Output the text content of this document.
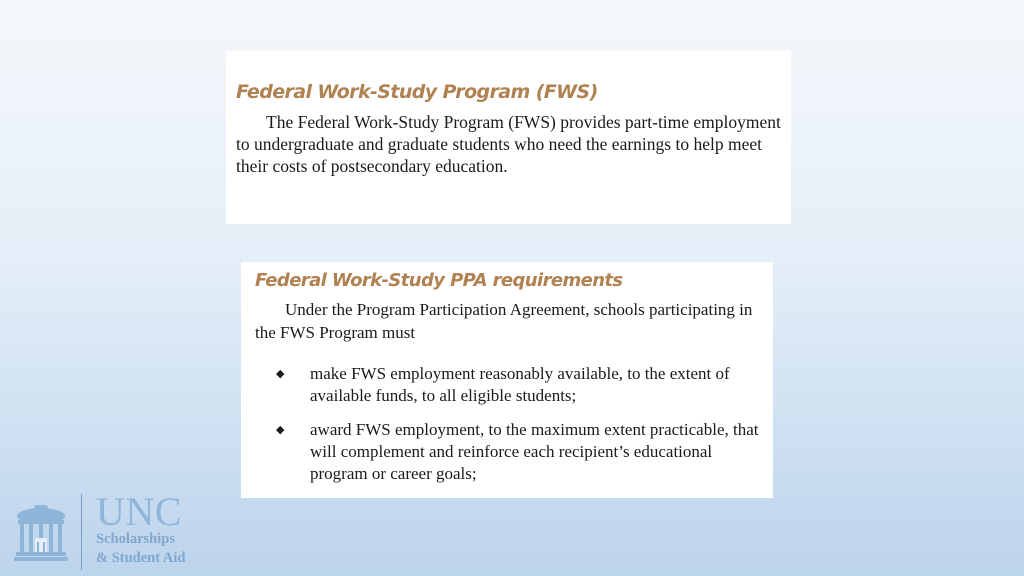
Federal Work-Study Program (FWS)

The Federal Work-Study Program (FWS) provides part-time employment to undergraduate and graduate students who need the earnings to help meet their costs of postsecondary education.

Federal Work-Study PPA requirements

Under the Program Participation Agreement, schools participating in the FWS Program must

◆ make FWS employment reasonably available, to the extent of available funds, to all eligible students;
◆ award FWS employment, to the maximum extent practicable, that will complement and reinforce each recipient’s educational program or career goals;
UNC
Scholarships
& Student Aid
